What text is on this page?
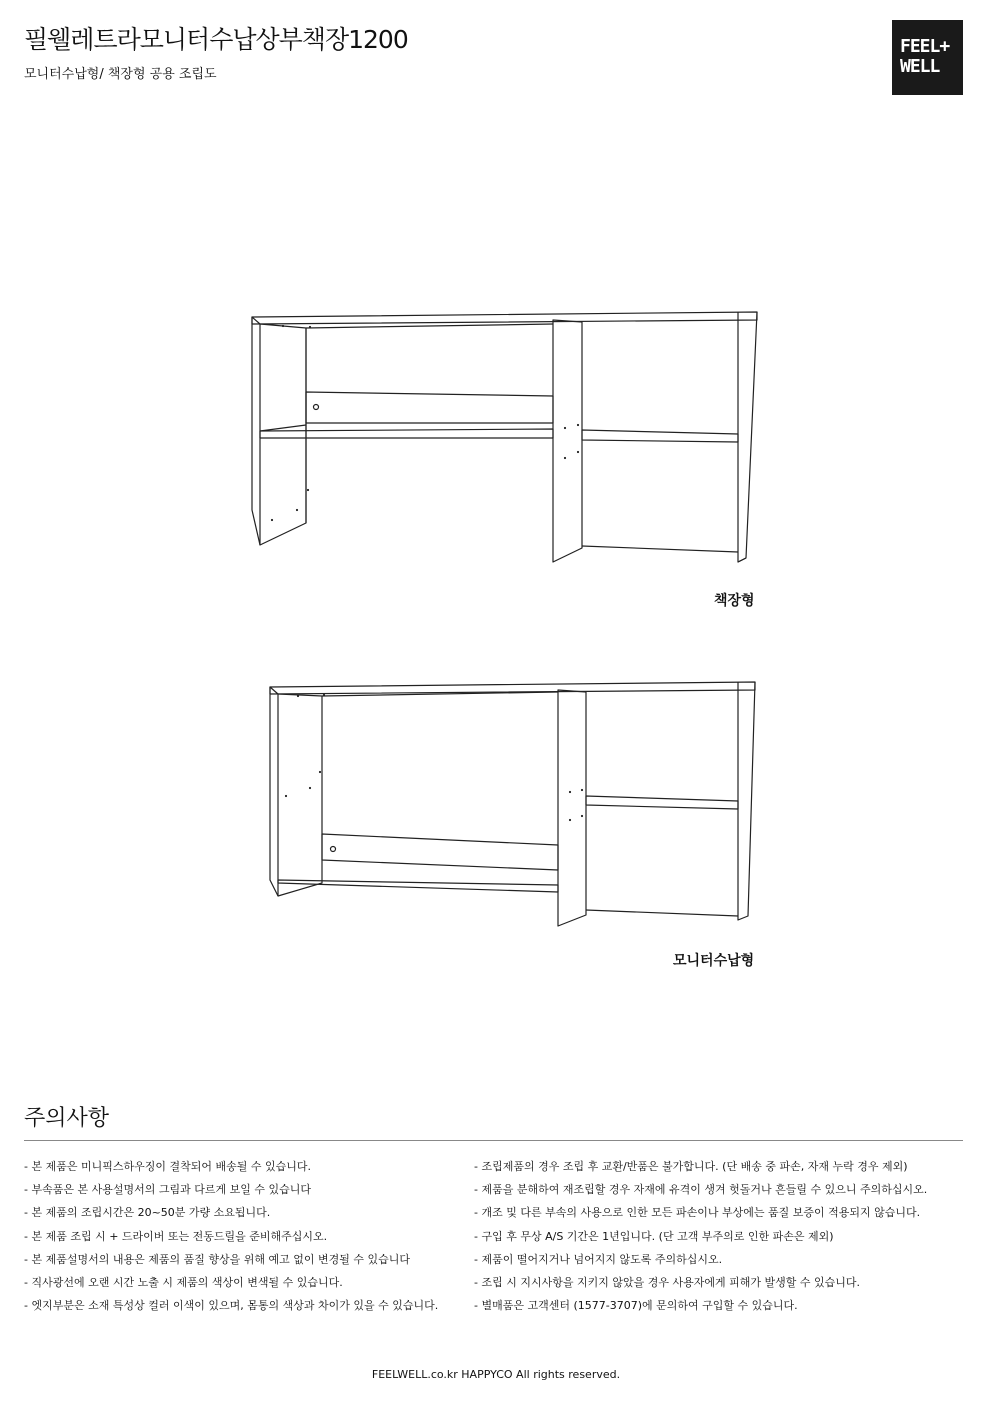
필웰레트라모니터수납상부책장1200
모니터수납형/ 책장형 공용 조립도
FEEL+
WELL
책장형
모니터수납형
주의사항
- 본 제품은 미니픽스하우징이 결착되어 배송될 수 있습니다.
- 부속품은 본 사용설명서의 그림과 다르게 보일 수 있습니다
- 본 제품의 조립시간은 20~50분 가량 소요됩니다.
- 본 제품 조립 시 + 드라이버 또는 전동드릴을 준비해주십시오.
- 본 제품설명서의 내용은 제품의 품질 향상을 위해 예고 없이 변경될 수 있습니다
- 직사광선에 오랜 시간 노출 시 제품의 색상이 변색될 수 있습니다.
- 엣지부분은 소재 특성상 컬러 이색이 있으며, 몸통의 색상과 차이가 있을 수 있습니다.
- 조립제품의 경우 조립 후 교환/반품은 불가합니다. (단 배송 중 파손, 자재 누락 경우 제외)
- 제품을 분해하여 재조립할 경우 자재에 유격이 생겨 헛돌거나 흔들릴 수 있으니 주의하십시오.
- 개조 및 다른 부속의 사용으로 인한 모든 파손이나 부상에는 품질 보증이 적용되지 않습니다.
- 구입 후 무상 A/S 기간은 1년입니다. (단 고객 부주의로 인한 파손은 제외)
- 제품이 떨어지거나 넘어지지 않도록 주의하십시오.
- 조립 시 지시사항을 지키지 않았을 경우 사용자에게 피해가 발생할 수 있습니다.
- 별매품은 고객센터 (1577-3707)에 문의하여 구입할 수 있습니다.
FEELWELL.co.kr HAPPYCO All rights reserved.
